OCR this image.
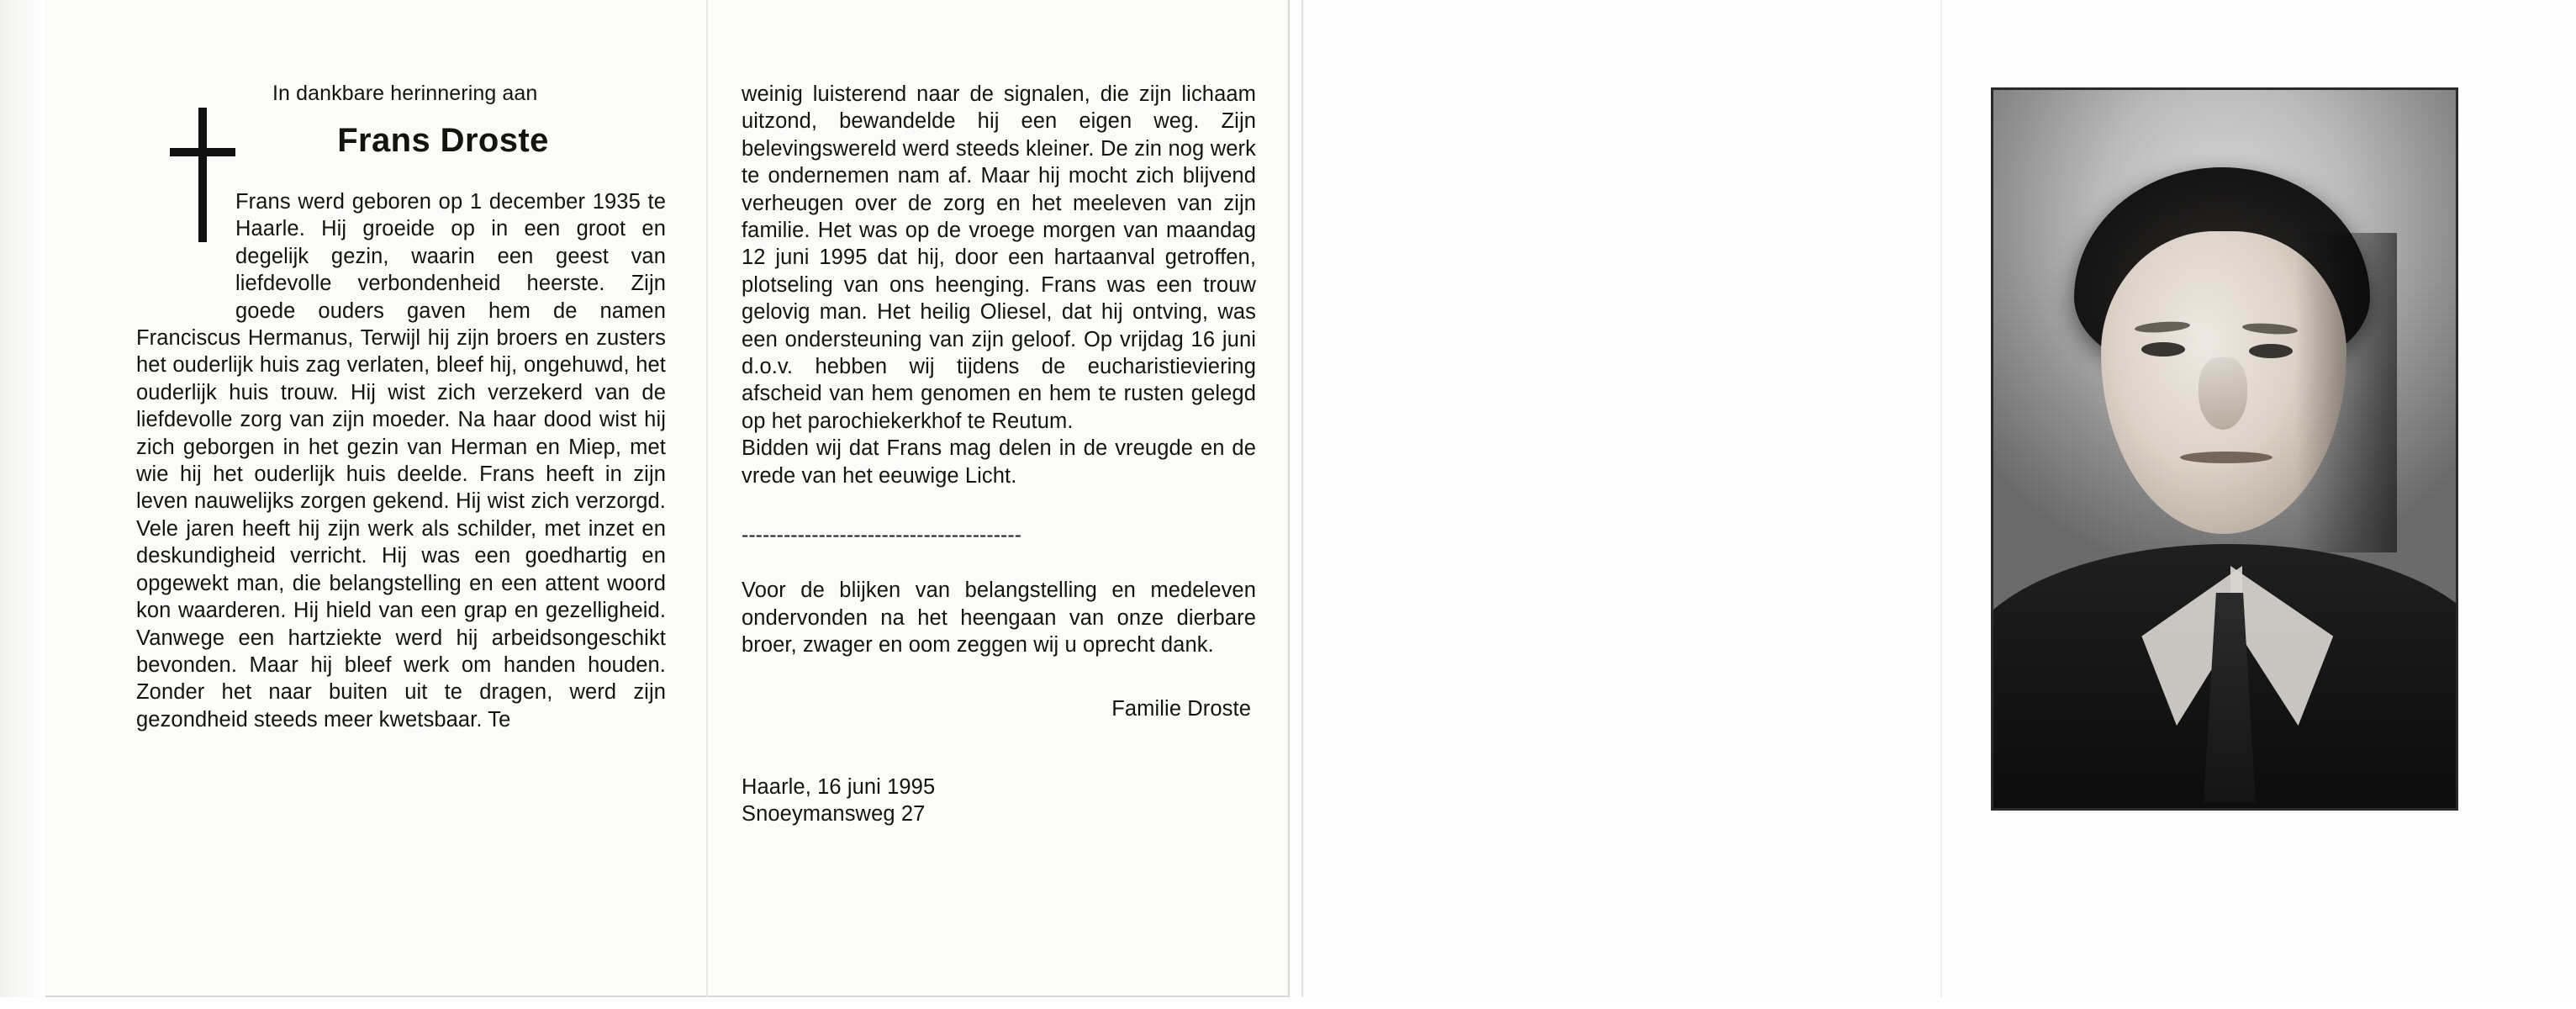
In dankbare herinnering aan
Frans Droste
Frans werd geboren op 1 december 1935 te Haarle. Hij groeide op in een groot en degelijk gezin, waarin een geest van liefdevolle verbondenheid heerste. Zijn goede ouders gaven hem de namen Franciscus Hermanus, Terwijl hij zijn broers en zusters het ouderlijk huis zag verlaten, bleef hij, ongehuwd, het ouderlijk huis trouw. Hij wist zich verzekerd van de liefdevolle zorg van zijn moeder. Na haar dood wist hij zich geborgen in het gezin van Herman en Miep, met wie hij het ouderlijk huis deelde. Frans heeft in zijn leven nauwelijks zorgen gekend. Hij wist zich verzorgd. Vele jaren heeft hij zijn werk als schilder, met inzet en deskundigheid verricht. Hij was een goedhartig en opgewekt man, die belangstelling en een attent woord kon waarderen. Hij hield van een grap en gezelligheid. Vanwege een hartziekte werd hij arbeidsongeschikt bevonden. Maar hij bleef werk om handen houden. Zonder het naar buiten uit te dragen, werd zijn gezondheid steeds meer kwetsbaar. Te

weinig luisterend naar de signalen, die zijn lichaam uitzond, bewandelde hij een eigen weg. Zijn belevingswereld werd steeds kleiner. De zin nog werk te ondernemen nam af. Maar hij mocht zich blijvend verheugen over de zorg en het meeleven van zijn familie. Het was op de vroege morgen van maandag 12 juni 1995 dat hij, door een hartaanval getroffen, plotseling van ons heenging. Frans was een trouw gelovig man. Het heilig Oliesel, dat hij ontving, was een ondersteuning van zijn geloof. Op vrijdag 16 juni d.o.v. hebben wij tijdens de eucharistieviering afscheid van hem genomen en hem te rusten gelegd op het parochiekerkhof te Reutum.

Bidden wij dat Frans mag delen in de vreugde en de vrede van het eeuwige Licht.

----------------------------------------

Voor de blijken van belangstelling en medeleven ondervonden na het heengaan van onze dierbare broer, zwager en oom zeggen wij u oprecht dank.

Familie Droste
Haarle, 16 juni 1995
Snoeymansweg 27
